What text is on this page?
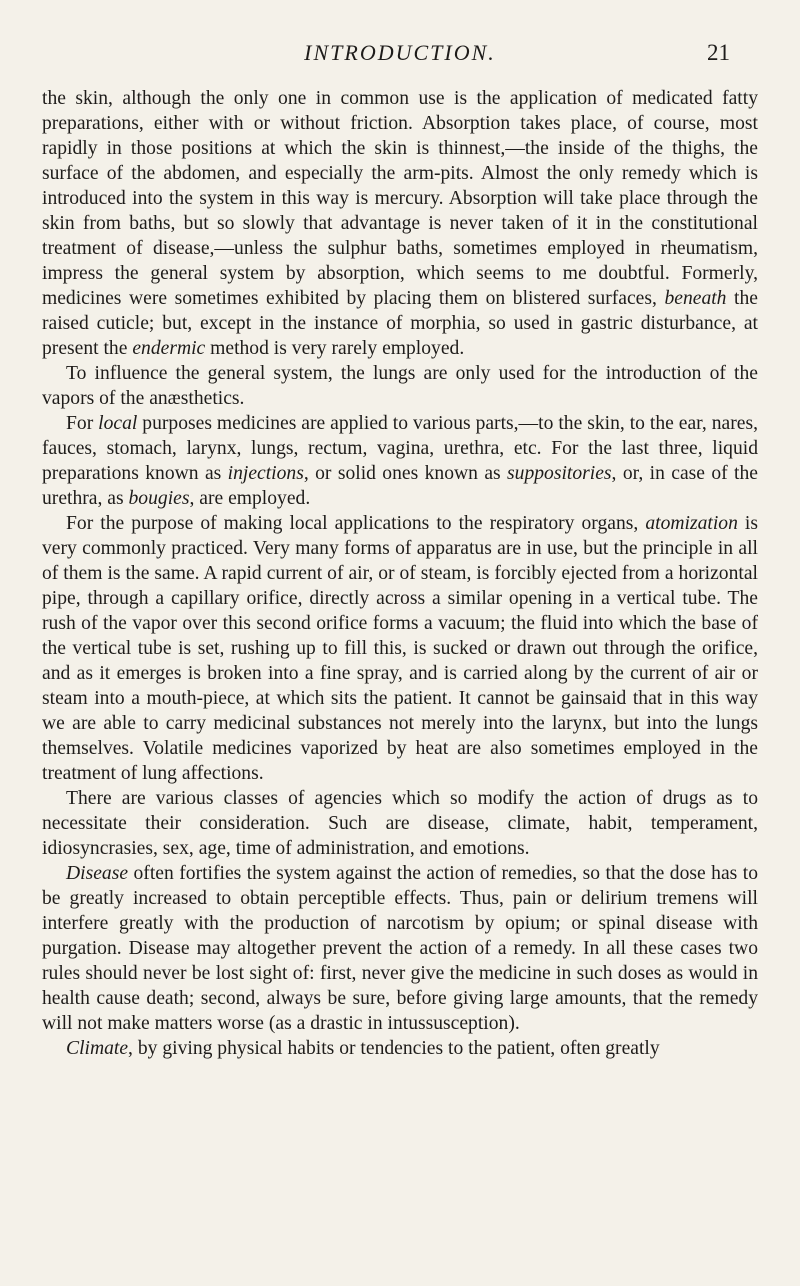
INTRODUCTION.	21

the skin, although the only one in common use is the application of medicated fatty preparations, either with or without friction. Absorption takes place, of course, most rapidly in those positions at which the skin is thinnest,—the inside of the thighs, the surface of the abdomen, and especially the arm-pits. Almost the only remedy which is introduced into the system in this way is mercury. Absorption will take place through the skin from baths, but so slowly that advantage is never taken of it in the constitutional treatment of disease,—unless the sulphur baths, sometimes employed in rheumatism, impress the general system by absorption, which seems to me doubtful. Formerly, medicines were sometimes exhibited by placing them on blistered surfaces, beneath the raised cuticle; but, except in the instance of morphia, so used in gastric disturbance, at present the endermic method is very rarely employed.

To influence the general system, the lungs are only used for the introduction of the vapors of the anæsthetics.

For local purposes medicines are applied to various parts,—to the skin, to the ear, nares, fauces, stomach, larynx, lungs, rectum, vagina, urethra, etc. For the last three, liquid preparations known as injections, or solid ones known as suppositories, or, in case of the urethra, as bougies, are employed.

For the purpose of making local applications to the respiratory organs, atomization is very commonly practiced. Very many forms of apparatus are in use, but the principle in all of them is the same. A rapid current of air, or of steam, is forcibly ejected from a horizontal pipe, through a capillary orifice, directly across a similar opening in a vertical tube. The rush of the vapor over this second orifice forms a vacuum; the fluid into which the base of the vertical tube is set, rushing up to fill this, is sucked or drawn out through the orifice, and as it emerges is broken into a fine spray, and is carried along by the current of air or steam into a mouth-piece, at which sits the patient. It cannot be gainsaid that in this way we are able to carry medicinal substances not merely into the larynx, but into the lungs themselves. Volatile medicines vaporized by heat are also sometimes employed in the treatment of lung affections.

There are various classes of agencies which so modify the action of drugs as to necessitate their consideration. Such are disease, climate, habit, temperament, idiosyncrasies, sex, age, time of administration, and emotions.

Disease often fortifies the system against the action of remedies, so that the dose has to be greatly increased to obtain perceptible effects. Thus, pain or delirium tremens will interfere greatly with the production of narcotism by opium; or spinal disease with purgation. Disease may altogether prevent the action of a remedy. In all these cases two rules should never be lost sight of: first, never give the medicine in such doses as would in health cause death; second, always be sure, before giving large amounts, that the remedy will not make matters worse (as a drastic in intussusception).

Climate, by giving physical habits or tendencies to the patient, often greatly
